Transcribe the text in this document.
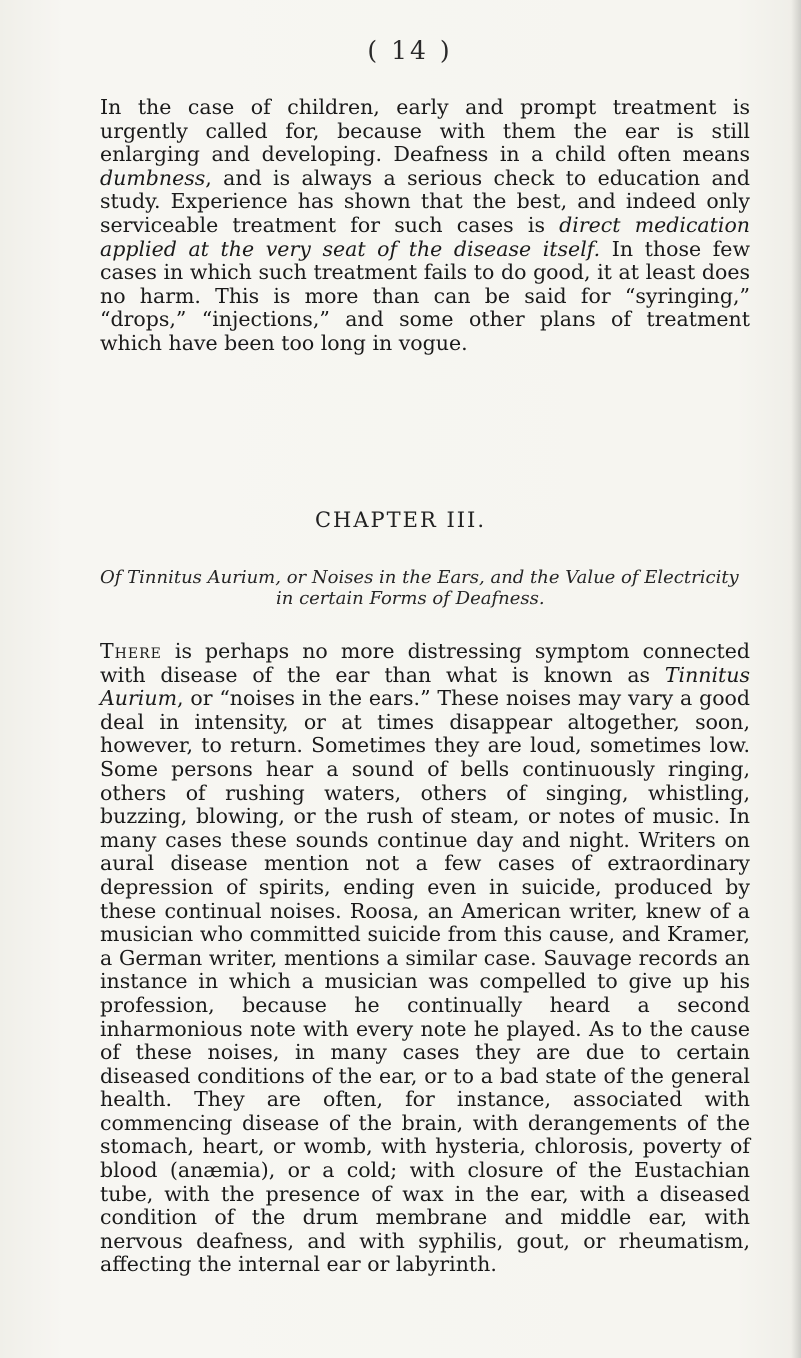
( 14 )

In the case of children, early and prompt treatment is urgently called for, because with them the ear is still enlarging and developing. Deafness in a child often means dumbness, and is always a serious check to education and study. Experience has shown that the best, and indeed only serviceable treatment for such cases is direct medication applied at the very seat of the disease itself. In those few cases in which such treatment fails to do good, it at least does no harm. This is more than can be said for “syringing,” “drops,” “injections,” and some other plans of treatment which have been too long in vogue.

CHAPTER III.
Of Tinnitus Aurium, or Noises in the Ears, and the Value of Electricity
in certain Forms of Deafness.

There is perhaps no more distressing symptom connected with disease of the ear than what is known as Tinnitus Aurium, or “noises in the ears.” These noises may vary a good deal in intensity, or at times disappear altogether, soon, however, to return. Sometimes they are loud, sometimes low. Some persons hear a sound of bells continuously ringing, others of rushing waters, others of singing, whistling, buzzing, blowing, or the rush of steam, or notes of music. In many cases these sounds continue day and night. Writers on aural disease mention not a few cases of extraordinary depression of spirits, ending even in suicide, produced by these continual noises. Roosa, an American writer, knew of a musician who committed suicide from this cause, and Kramer, a German writer, mentions a similar case. Sauvage records an instance in which a musician was compelled to give up his profession, because he continually heard a second inharmonious note with every note he played. As to the cause of these noises, in many cases they are due to certain diseased conditions of the ear, or to a bad state of the general health. They are often, for instance, associated with commencing disease of the brain, with derangements of the stomach, heart, or womb, with hysteria, chlorosis, poverty of blood (anæmia), or a cold; with closure of the Eustachian tube, with the presence of wax in the ear, with a diseased condition of the drum membrane and middle ear, with nervous deafness, and with syphilis, gout, or rheumatism, affecting the internal ear or labyrinth.
